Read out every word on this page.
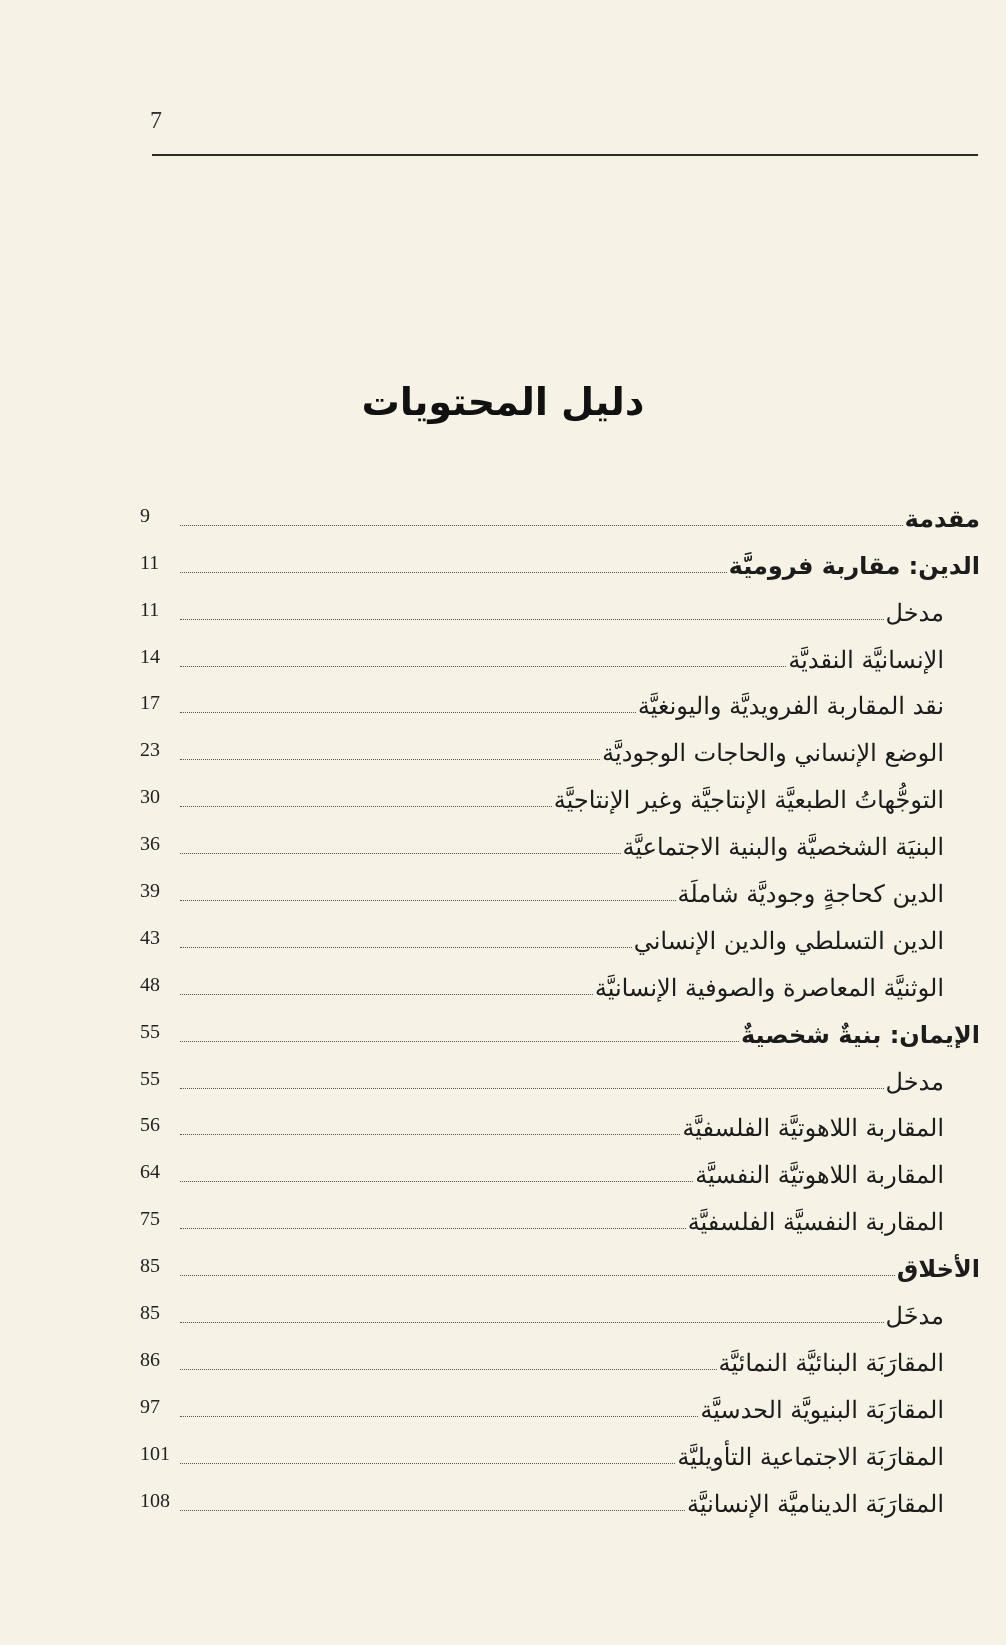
7
دليل المحتويات
مقدمة
9
الدين: مقاربة فروميَّة
11
مدخل
11
الإنسانيَّة النقديَّة
14
نقد المقاربة الفرويديَّة واليونغيَّة
17
الوضع الإنساني والحاجات الوجوديَّة
23
التوجُّهاتُ الطبعيَّة الإنتاجيَّة وغير الإنتاجيَّة
30
البنيَة الشخصيَّة والبنية الاجتماعيَّة
36
الدين كحاجةٍ وجوديَّة شاملَة
39
الدين التسلطي والدين الإنساني
43
الوثنيَّة المعاصرة والصوفية الإنسانيَّة
48
الإيمان: بنيةٌ شخصيةٌ
55
مدخل
55
المقاربة اللاهوتيَّة الفلسفيَّة
56
المقاربة اللاهوتيَّة النفسيَّة
64
المقاربة النفسيَّة الفلسفيَّة
75
الأخلاق
85
مدخَل
85
المقارَبَة البنائيَّة النمائيَّة
86
المقارَبَة البنيويَّة الحدسيَّة
97
المقارَبَة الاجتماعية التأويليَّة
101
المقارَبَة الديناميَّة الإنسانيَّة
108
